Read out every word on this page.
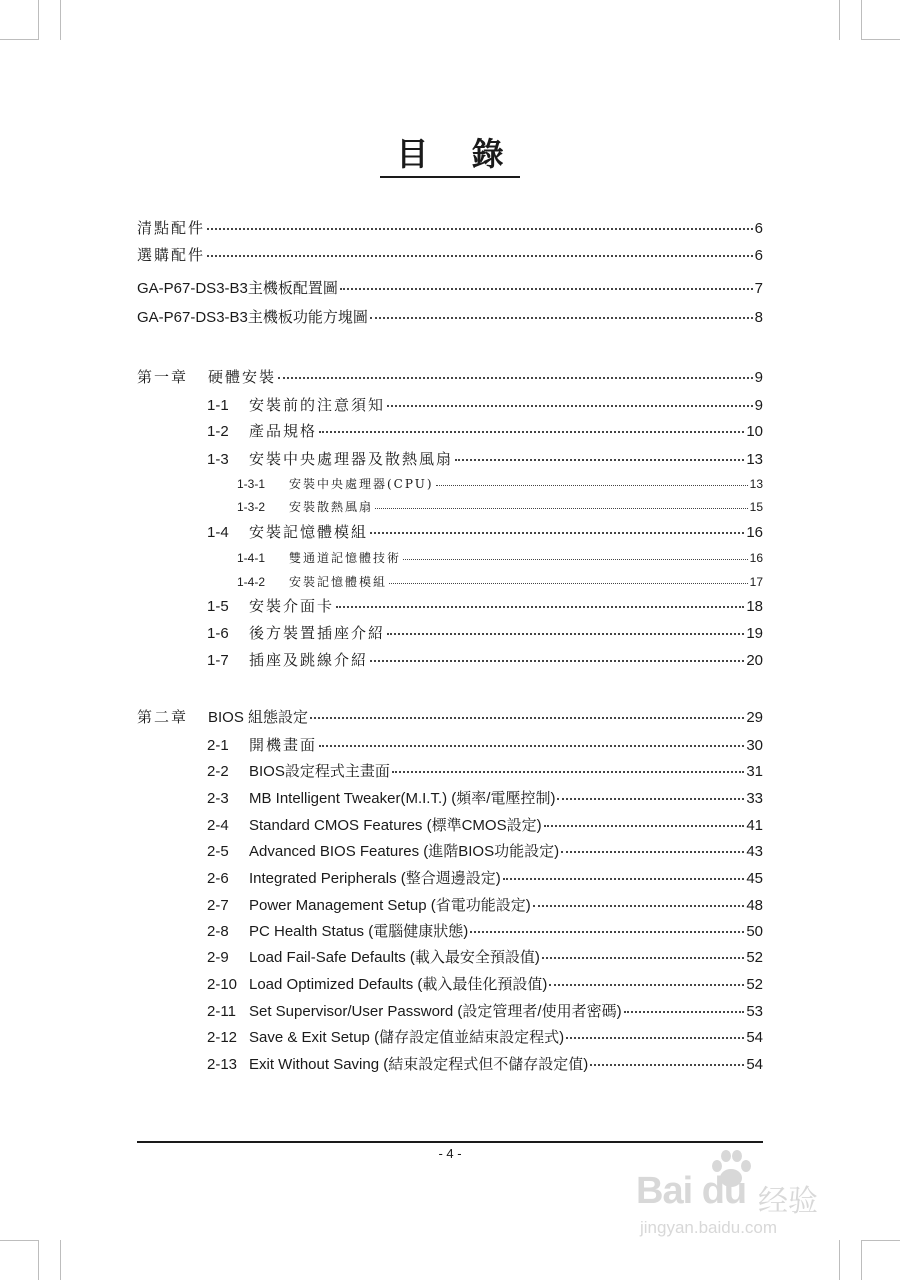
目 錄
清點配件	6
選購配件	6
GA-P67-DS3-B3主機板配置圖	7
GA-P67-DS3-B3主機板功能方塊圖	8
第一章	硬體安裝	9
1-1	安裝前的注意須知	9
1-2	產品規格	10
1-3	安裝中央處理器及散熱風扇	13
1-3-1	安裝中央處理器(CPU)	13
1-3-2	安裝散熱風扇	15
1-4	安裝記憶體模組	16
1-4-1	雙通道記憶體技術	16
1-4-2	安裝記憶體模組	17
1-5	安裝介面卡	18
1-6	後方裝置插座介紹	19
1-7	插座及跳線介紹	20
第二章	BIOS 組態設定	29
2-1	開機畫面	30
2-2	BIOS設定程式主畫面	31
2-3	MB Intelligent Tweaker(M.I.T.) (頻率/電壓控制)	33
2-4	Standard CMOS Features (標準CMOS設定)	41
2-5	Advanced BIOS Features (進階BIOS功能設定)	43
2-6	Integrated Peripherals (整合週邊設定)	45
2-7	Power Management Setup (省電功能設定)	48
2-8	PC Health Status (電腦健康狀態)	50
2-9	Load Fail-Safe Defaults (載入最安全預設值)	52
2-10 Load Optimized Defaults (載入最佳化預設值)	52
2-11 Set Supervisor/User Password (設定管理者/使用者密碼)	53
2-12 Save & Exit Setup (儲存設定值並結束設定程式)	54
2-13 Exit Without Saving (結束設定程式但不儲存設定值)	54
- 4 -
Bai du 经验
jingyan.baidu.com
